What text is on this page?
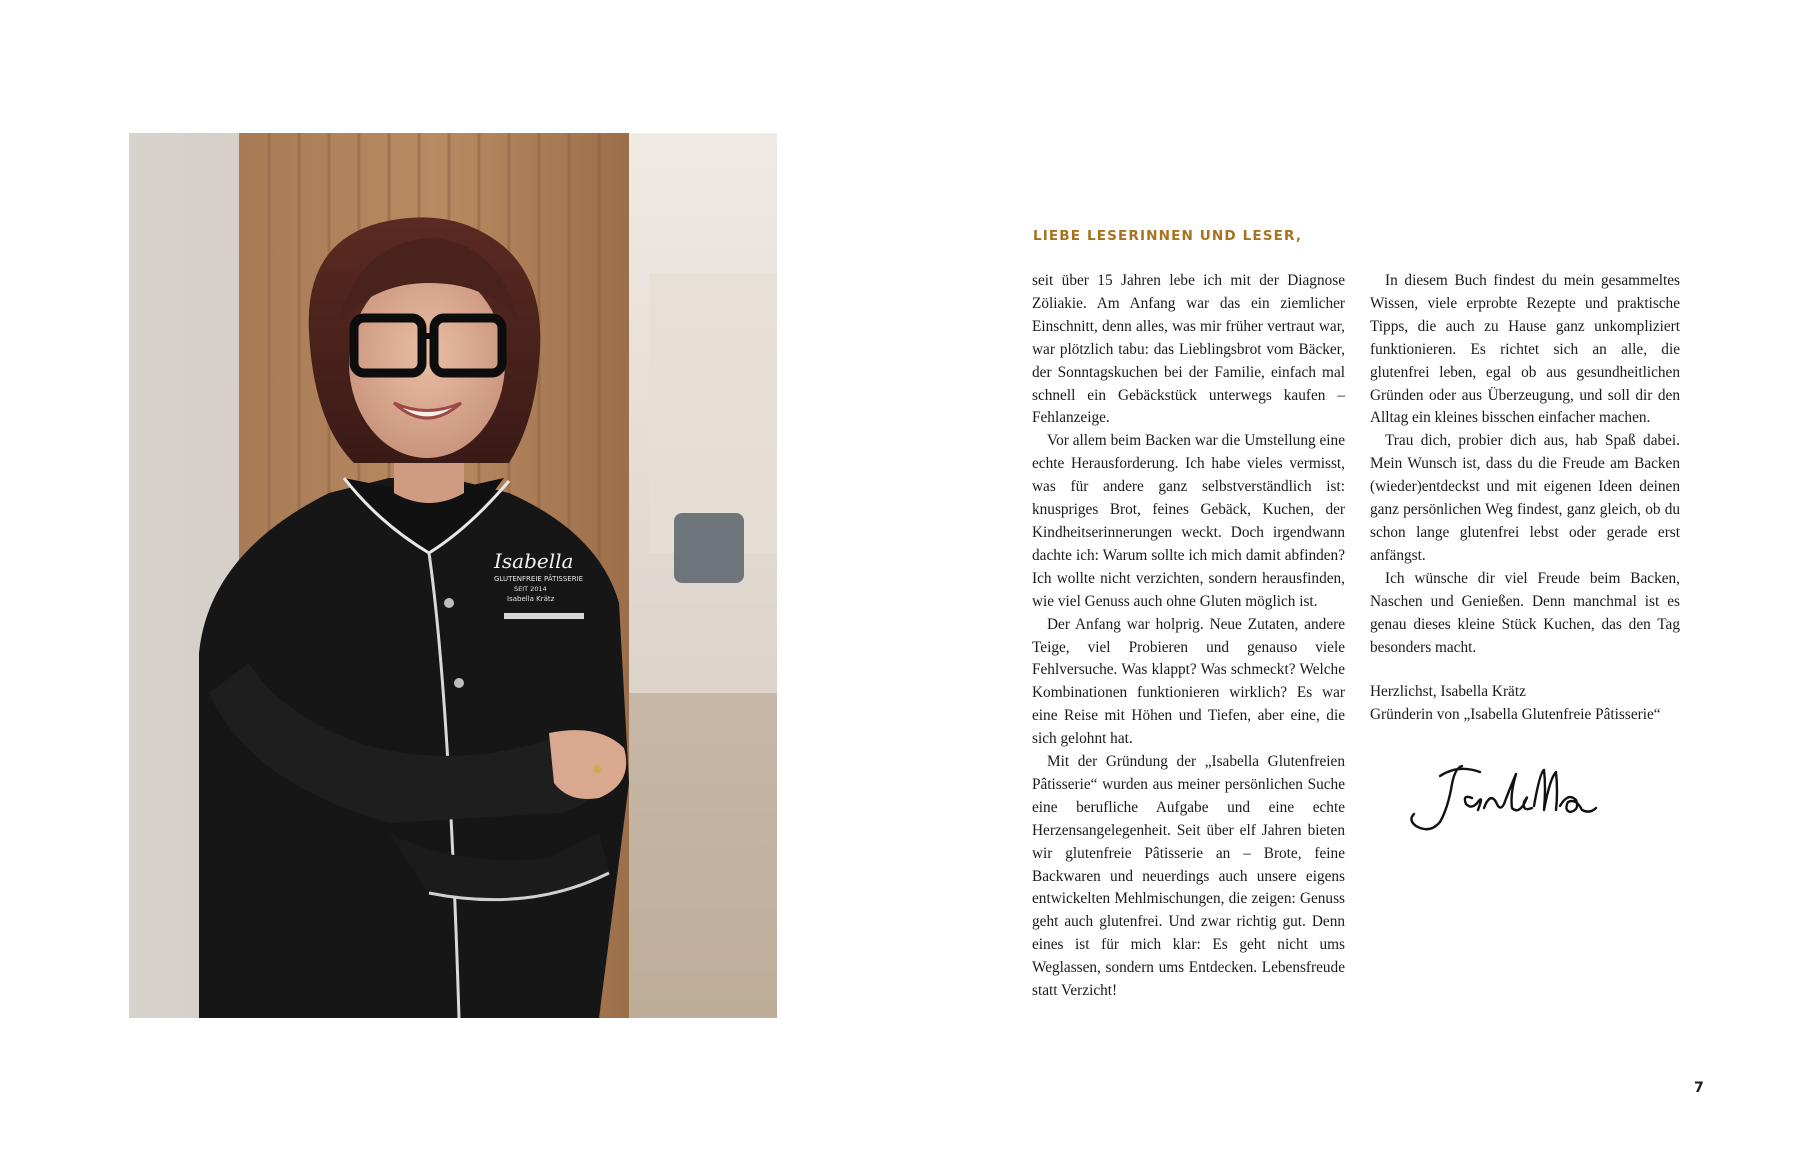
Isabella
GLUTENFREIE PÂTISSERIE
SEIT 2014
Isabella Krätz
LIEBE LESERINNEN UND LESER,

seit über 15 Jahren lebe ich mit der Diagnose Zöliakie. Am Anfang war das ein ziemlicher Einschnitt, denn alles, was mir früher vertraut war, war plötzlich tabu: das Lieblingsbrot vom Bäcker, der Sonntagskuchen bei der Familie, einfach mal schnell ein Gebäckstück unterwegs kaufen – Fehlanzeige.

Vor allem beim Backen war die Umstellung eine echte Herausforderung. Ich habe vieles vermisst, was für andere ganz selbstverständlich ist: knuspriges Brot, feines Gebäck, Kuchen, der Kindheitserinnerungen weckt. Doch irgendwann dachte ich: Warum sollte ich mich damit abfinden? Ich wollte nicht verzichten, sondern herausfinden, wie viel Genuss auch ohne Gluten möglich ist.

Der Anfang war holprig. Neue Zutaten, andere Teige, viel Probieren und genauso viele Fehlversuche. Was klappt? Was schmeckt? Welche Kombinationen funktionieren wirklich? Es war eine Reise mit Höhen und Tiefen, aber eine, die sich gelohnt hat.

Mit der Gründung der „Isabella Glutenfreien Pâtisserie“ wurden aus meiner persönlichen Suche eine berufliche Aufgabe und eine echte Herzensangelegenheit. Seit über elf Jahren bieten wir glutenfreie Pâtisserie an – Brote, feine Backwaren und neuerdings auch unsere eigens entwickelten Mehlmischungen, die zeigen: Genuss geht auch glutenfrei. Und zwar richtig gut. Denn eines ist für mich klar: Es geht nicht ums Weglassen, sondern ums Entdecken. Lebensfreude statt Verzicht!

In diesem Buch findest du mein gesammeltes Wissen, viele erprobte Rezepte und praktische Tipps, die auch zu Hause ganz unkompliziert funktionieren. Es richtet sich an alle, die glutenfrei leben, egal ob aus gesundheitlichen Gründen oder aus Überzeugung, und soll dir den Alltag ein kleines bisschen einfacher machen.

Trau dich, probier dich aus, hab Spaß dabei. Mein Wunsch ist, dass du die Freude am Backen (wieder)entdeckst und mit eigenen Ideen deinen ganz persönlichen Weg findest, ganz gleich, ob du schon lange glutenfrei lebst oder gerade erst anfängst.

Ich wünsche dir viel Freude beim Backen, Naschen und Genießen. Denn manchmal ist es genau dieses kleine Stück Kuchen, das den Tag besonders macht.

Herzlichst, Isabella Krätz
Gründerin von „Isabella Glutenfreie Pâtisserie“

7
